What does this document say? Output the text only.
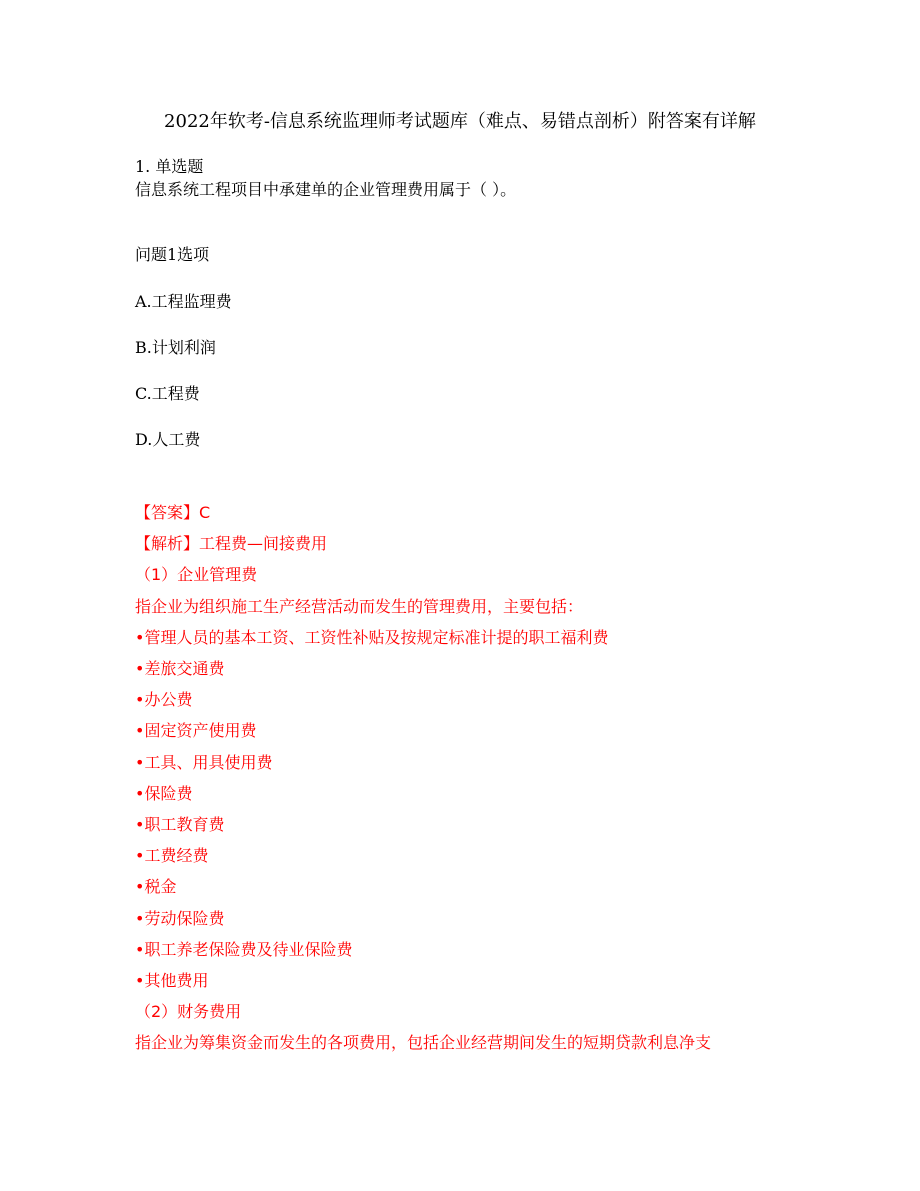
2022年软考-信息系统监理师考试题库（难点、易错点剖析）附答案有详解
1. 单选题
信息系统工程项目中承建单的企业管理费用属于（ ）。
问题1选项
A.工程监理费
B.计划利润
C.工程费
D.人工费
【答案】C
【解析】工程费—间接费用
（1）企业管理费
指企业为组织施工生产经营活动而发生的管理费用，主要包括：
• 管理人员的基本工资、工资性补贴及按规定标准计提的职工福利费
• 差旅交通费
• 办公费
• 固定资产使用费
• 工具、用具使用费
• 保险费
• 职工教育费
• 工费经费
• 税金
• 劳动保险费
• 职工养老保险费及待业保险费
• 其他费用
（2）财务费用
指企业为筹集资金而发生的各项费用，包括企业经营期间发生的短期贷款利息净支
